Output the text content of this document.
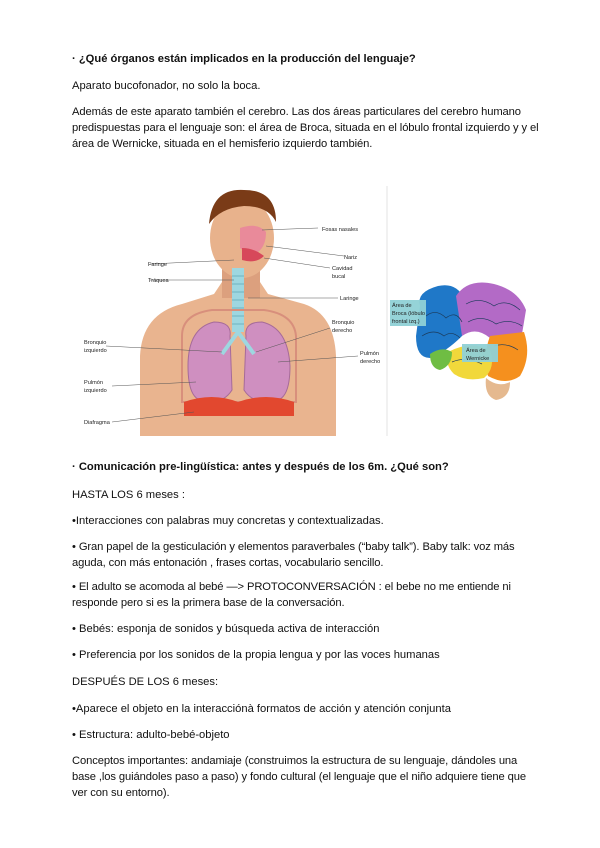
· ¿Qué órganos están implicados en la producción del lenguaje?

Aparato bucofonador, no solo la boca.

Además de este aparato también el cerebro. Las dos áreas particulares del cerebro humano predispuestas para el lenguaje son: el área de Broca, situada en el lóbulo frontal izquierdo y y el área de Wernicke, situada en el hemisferio izquierdo también.

Fosas nasales
Nariz
Cavidad
bucal
Faringe
Tráquea
Laringe
Bronquio
izquierdo
Bronquio
derecho
Pulmón
derecho
Pulmón
izquierdo
Diafragma
Área de
Broca (lóbulo
frontal izq.)
Área de
Wernicke

· Comunicación pre-lingüística: antes y después de los 6m. ¿Qué son?

HASTA LOS 6 meses :

•Interacciones con palabras muy concretas y contextualizadas.

• Gran papel de la gesticulación y elementos paraverbales (“baby talk”). Baby talk: voz más aguda, con más entonación , frases cortas, vocabulario sencillo.

• El adulto se acomoda al bebé —> PROTOCONVERSACIÓN : el bebe no me entiende ni responde pero si es la primera base de la conversación.

• Bebés: esponja de sonidos y búsqueda activa de interacción

• Preferencia por los sonidos de la propia lengua y por las voces humanas

DESPUÉS DE LOS 6 meses:

•Aparece el objeto en la interacciónà formatos de acción y atención conjunta

• Estructura: adulto-bebé-objeto

Conceptos importantes: andamiaje (construimos la estructura de su lenguaje, dándoles una base ,los guiándoles paso a paso) y fondo cultural (el lenguaje que el niño adquiere tiene que ver con su entorno).
